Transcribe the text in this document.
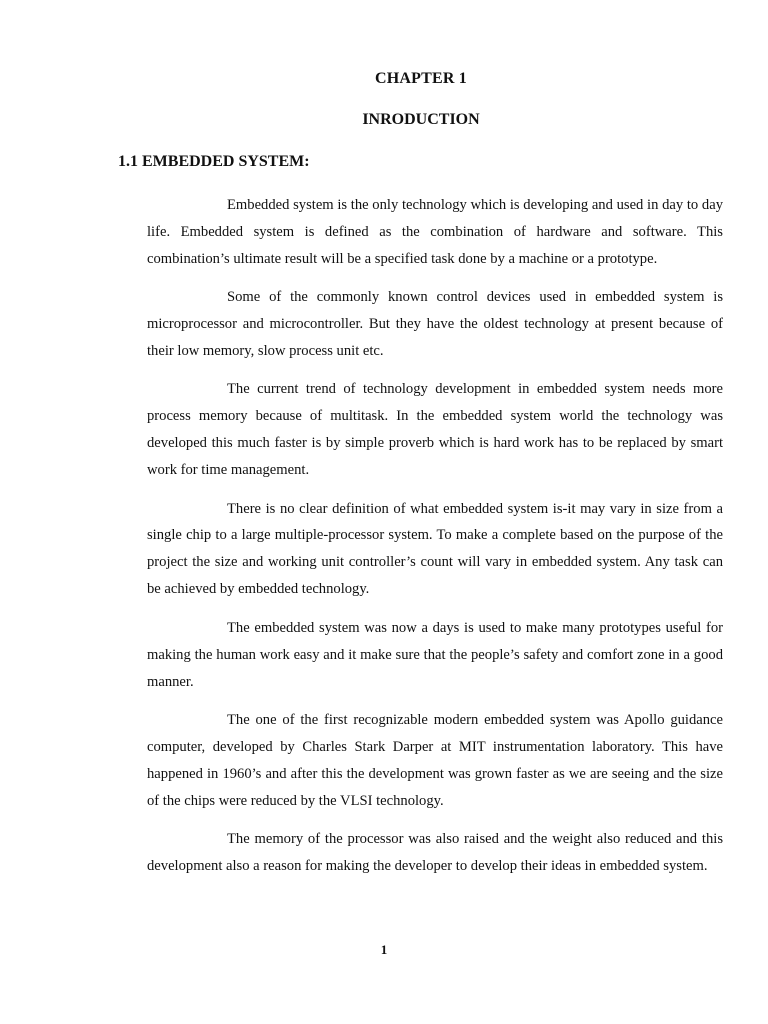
CHAPTER 1
INRODUCTION
1.1 EMBEDDED SYSTEM:

Embedded system is the only technology which is developing and used in day to day life. Embedded system is defined as the combination of hardware and software. This combination’s ultimate result will be a specified task done by a machine or a prototype.

Some of the commonly known control devices used in embedded system is microprocessor and microcontroller. But they have the oldest technology at present because of their low memory, slow process unit etc.

The current trend of technology development in embedded system needs more process memory because of multitask. In the embedded system world the technology was developed this much faster is by simple proverb which is hard work has to be replaced by smart work for time management.

There is no clear definition of what embedded system is-it may vary in size from a single chip to a large multiple-processor system. To make a complete based on the purpose of the project the size and working unit controller’s count will vary in embedded system. Any task can be achieved by embedded technology.

The embedded system was now a days is used to make many prototypes useful for making the human work easy and it make sure that the people’s safety and comfort zone in a good manner.

The one of the first recognizable modern embedded system was Apollo guidance computer, developed by Charles Stark Darper at MIT instrumentation laboratory. This have happened in 1960’s and after this the development was grown faster as we are seeing and the size of the chips were reduced by the VLSI technology.

The memory of the processor was also raised and the weight also reduced and this development also a reason for making the developer to develop their ideas in embedded system.

1
